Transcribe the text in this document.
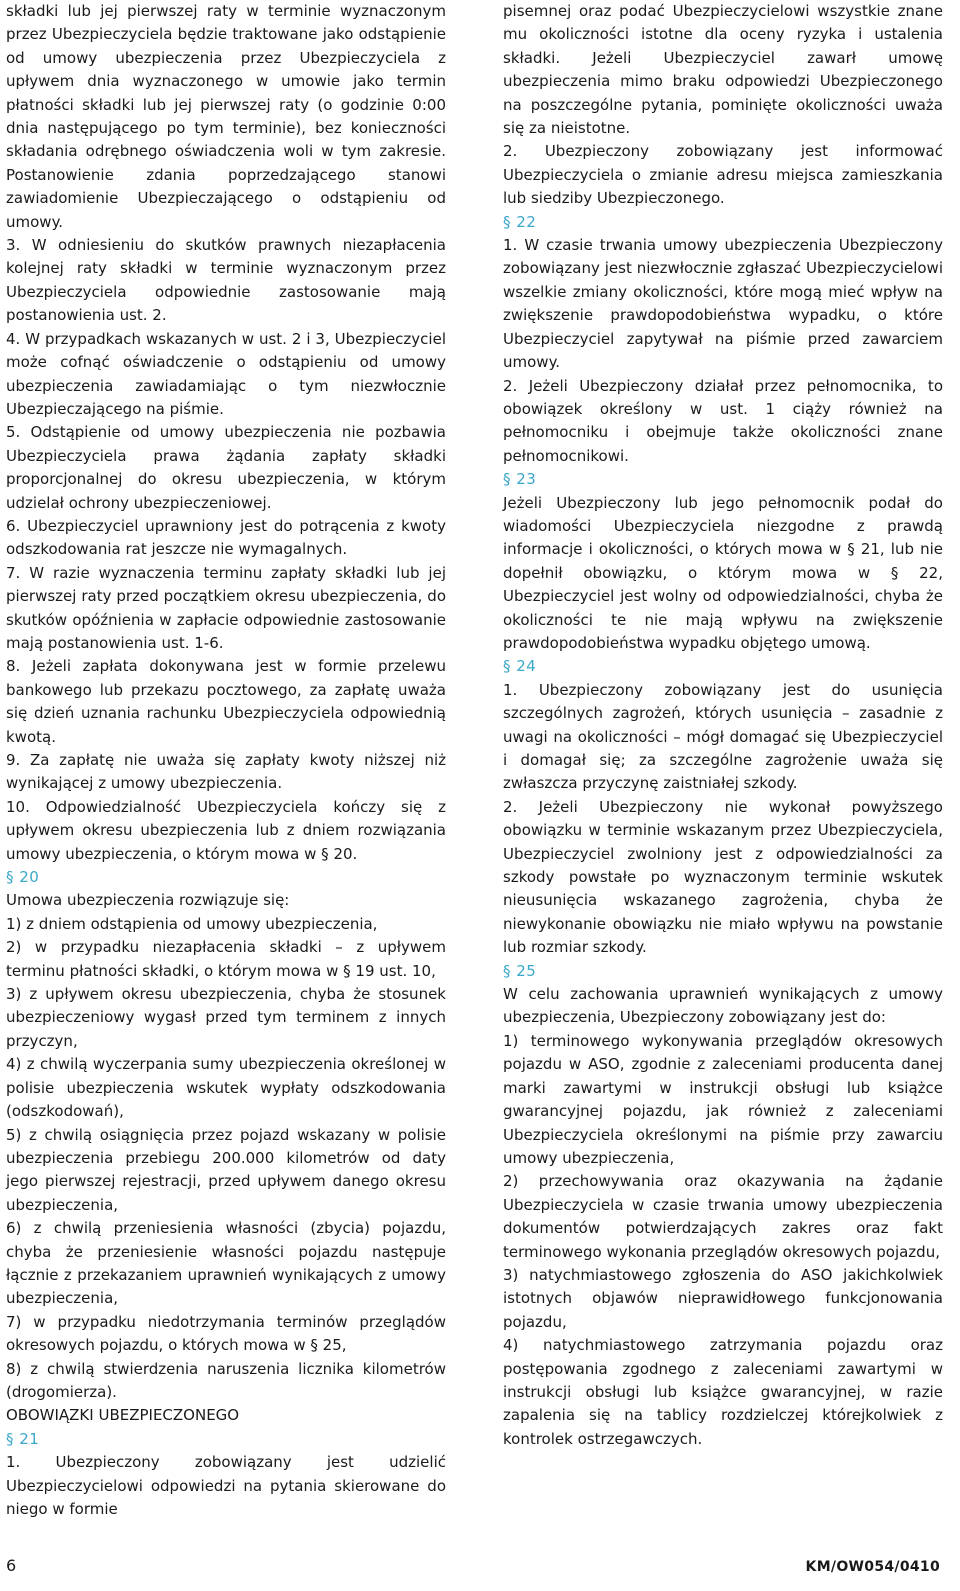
składki lub jej pierwszej raty w terminie wyznaczonym przez Ubezpieczyciela będzie traktowane jako odstąpienie od umowy ubezpieczenia przez Ubezpieczyciela z upływem dnia wyznaczonego w umowie jako termin płatności składki lub jej pierwszej raty (o godzinie 0:00 dnia następującego po tym terminie), bez konieczności składania odrębnego oświadczenia woli w tym zakresie. Postanowienie zdania poprzedzającego stanowi zawiadomienie Ubezpieczającego o odstąpieniu od umowy.

3. W odniesieniu do skutków prawnych niezapłacenia kolejnej raty składki w terminie wyznaczonym przez Ubezpieczyciela odpowiednie zastosowanie mają postanowienia ust. 2.

4. W przypadkach wskazanych w ust. 2 i 3, Ubezpieczyciel może cofnąć oświadczenie o odstąpieniu od umowy ubezpieczenia zawiadamiając o tym niezwłocznie Ubezpieczającego na piśmie.

5. Odstąpienie od umowy ubezpieczenia nie pozbawia Ubezpieczyciela prawa żądania zapłaty składki proporcjonalnej do okresu ubezpieczenia, w którym udzielał ochrony ubezpieczeniowej.

6. Ubezpieczyciel uprawniony jest do potrącenia z kwoty odszkodowania rat jeszcze nie wymagalnych.

7. W razie wyznaczenia terminu zapłaty składki lub jej pierwszej raty przed początkiem okresu ubezpieczenia, do skutków opóźnienia w zapłacie odpowiednie zastosowanie mają postanowienia ust. 1-6.

8. Jeżeli zapłata dokonywana jest w formie przelewu bankowego lub przekazu pocztowego, za zapłatę uważa się dzień uznania rachunku Ubezpieczyciela odpowiednią kwotą.

9. Za zapłatę nie uważa się zapłaty kwoty niższej niż wynikającej z umowy ubezpieczenia.

10. Odpowiedzialność Ubezpieczyciela kończy się z upływem okresu ubezpieczenia lub z dniem rozwiązania umowy ubezpieczenia, o którym mowa w § 20.

§ 20

Umowa ubezpieczenia rozwiązuje się:

1) z dniem odstąpienia od umowy ubezpieczenia,

2) w przypadku niezapłacenia składki – z upływem terminu płatności składki, o którym mowa w § 19 ust. 10,

3) z upływem okresu ubezpieczenia, chyba że stosunek ubezpieczeniowy wygasł przed tym terminem z innych przyczyn,

4) z chwilą wyczerpania sumy ubezpieczenia określonej w polisie ubezpieczenia wskutek wypłaty odszkodowania (odszkodowań),

5) z chwilą osiągnięcia przez pojazd wskazany w polisie ubezpieczenia przebiegu 200.000 kilometrów od daty jego pierwszej rejestracji, przed upływem danego okresu ubezpieczenia,

6) z chwilą przeniesienia własności (zbycia) pojazdu, chyba że przeniesienie własności pojazdu następuje łącznie z przekazaniem uprawnień wynikających z umowy ubezpieczenia,

7) w przypadku niedotrzymania terminów przeglądów okresowych pojazdu, o których mowa w § 25,

8) z chwilą stwierdzenia naruszenia licznika kilometrów (drogomierza).

OBOWIĄZKI UBEZPIECZONEGO

§ 21

1. Ubezpieczony zobowiązany jest udzielić Ubezpieczycielowi odpowiedzi na pytania skierowane do niego w formie

pisemnej oraz podać Ubezpieczycielowi wszystkie znane mu okoliczności istotne dla oceny ryzyka i ustalenia składki. Jeżeli Ubezpieczyciel zawarł umowę ubezpieczenia mimo braku odpowiedzi Ubezpieczonego na poszczególne pytania, pominięte okoliczności uważa się za nieistotne.

2. Ubezpieczony zobowiązany jest informować Ubezpieczyciela o zmianie adresu miejsca zamieszkania lub siedziby Ubezpieczonego.

§ 22

1. W czasie trwania umowy ubezpieczenia Ubezpieczony zobowiązany jest niezwłocznie zgłaszać Ubezpieczycielowi wszelkie zmiany okoliczności, które mogą mieć wpływ na zwiększenie prawdopodobieństwa wypadku, o które Ubezpieczyciel zapytywał na piśmie przed zawarciem umowy.

2. Jeżeli Ubezpieczony działał przez pełnomocnika, to obowiązek określony w ust. 1 ciąży również na pełnomocniku i obejmuje także okoliczności znane pełnomocnikowi.

§ 23

Jeżeli Ubezpieczony lub jego pełnomocnik podał do wiadomości Ubezpieczyciela niezgodne z prawdą informacje i okoliczności, o których mowa w § 21, lub nie dopełnił obowiązku, o którym mowa w § 22, Ubezpieczyciel jest wolny od odpowiedzialności, chyba że okoliczności te nie mają wpływu na zwiększenie prawdopodobieństwa wypadku objętego umową.

§ 24

1. Ubezpieczony zobowiązany jest do usunięcia szczególnych zagrożeń, których usunięcia – zasadnie z uwagi na okoliczności – mógł domagać się Ubezpieczyciel i domagał się; za szczególne zagrożenie uważa się zwłaszcza przyczynę zaistniałej szkody.

2. Jeżeli Ubezpieczony nie wykonał powyższego obowiązku w terminie wskazanym przez Ubezpieczyciela, Ubezpieczyciel zwolniony jest z odpowiedzialności za szkody powstałe po wyznaczonym terminie wskutek nieusunięcia wskazanego zagrożenia, chyba że niewykonanie obowiązku nie miało wpływu na powstanie lub rozmiar szkody.

§ 25

W celu zachowania uprawnień wynikających z umowy ubezpieczenia, Ubezpieczony zobowiązany jest do:

1) terminowego wykonywania przeglądów okresowych pojazdu w ASO, zgodnie z zaleceniami producenta danej marki zawartymi w instrukcji obsługi lub książce gwarancyjnej pojazdu, jak również z zaleceniami Ubezpieczyciela określonymi na piśmie przy zawarciu umowy ubezpieczenia,

2) przechowywania oraz okazywania na żądanie Ubezpieczyciela w czasie trwania umowy ubezpieczenia dokumentów potwierdzających zakres oraz fakt terminowego wykonania przeglądów okresowych pojazdu,

3) natychmiastowego zgłoszenia do ASO jakichkolwiek istotnych objawów nieprawidłowego funkcjonowania pojazdu,

4) natychmiastowego zatrzymania pojazdu oraz postępowania zgodnego z zaleceniami zawartymi w instrukcji obsługi lub książce gwarancyjnej, w razie zapalenia się na tablicy rozdzielczej którejkolwiek z kontrolek ostrzegawczych.

6	KM/OW054/0410
